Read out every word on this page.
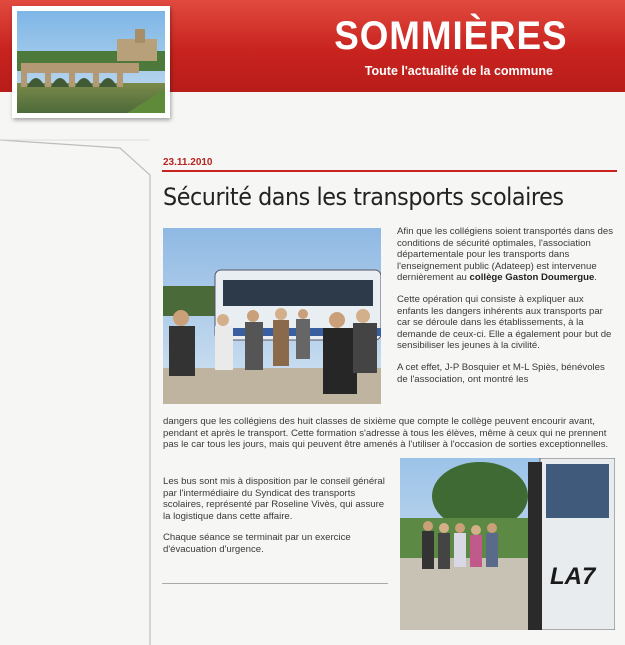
SOMMIÈRES
Toute l'actualité de la commune
23.11.2010
Sécurité dans les transports scolaires

Afin que les collégiens soient transportés dans des conditions de sécurité optimales, l'association départementale pour les transports dans l'enseignement public (Adateep) est intervenue dernièrement au collège Gaston Doumergue.

Cette opération qui consiste à expliquer aux enfants les dangers inhérents aux transports par car se déroule dans les établissements, à la demande de ceux-ci. Elle a également pour but de sensibiliser les jeunes à la civilité.

A cet effet, J-P Bosquier et M-L Spiès, bénévoles de l'association, ont montré les

dangers que les collégiens des huit classes de sixième que compte le collège peuvent encourir avant, pendant et après le transport. Cette formation s'adresse à tous les élèves, même à ceux qui ne prennent pas le car tous les jours, mais qui peuvent être amenés à l'utiliser à l'occasion de sorties exceptionnelles.

Les bus sont mis à disposition par le conseil général par l'intermédiaire du Syndicat des transports scolaires, représenté par Roseline Vivès, qui assure la logistique dans cette affaire.

Chaque séance se terminait par un exercice d'évacuation d'urgence.

LA7
